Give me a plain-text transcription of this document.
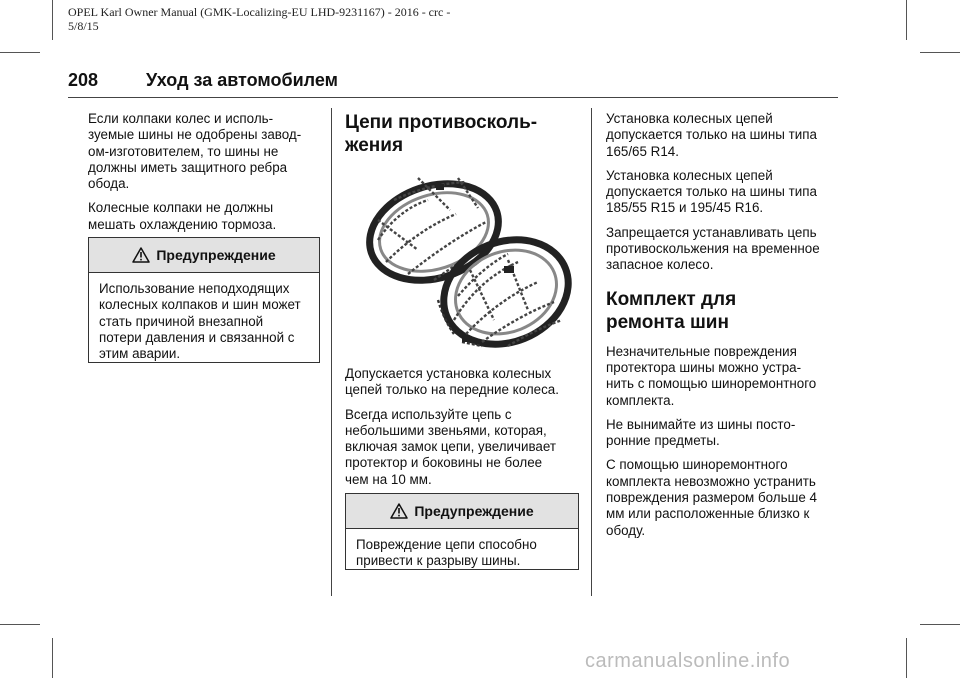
OPEL Karl Owner Manual (GMK-Localizing-EU LHD-9231167) - 2016 - crc -
5/8/15
208	Уход за автомобилем

Если колпаки колес и исполь-
зуемые шины не одобрены завод-
ом-изготовителем, то шины не
должны иметь защитного ребра
обода.

Колесные колпаки не должны
мешать охлаждению тормоза.

Предупреждение
Использование неподходящих
колесных колпаков и шин может
стать причиной внезапной
потери давления и связанной с
этим аварии.
Цепи противосколь-
жения

Допускается установка колесных
цепей только на передние колеса.

Всегда используйте цепь с
небольшими звеньями, которая,
включая замок цепи, увеличивает
протектор и боковины не более
чем на 10 мм.

Предупреждение
Повреждение цепи способно
привести к разрыву шины.

Установка колесных цепей
допускается только на шины типа
165/65 R14.

Установка колесных цепей
допускается только на шины типа
185/55 R15 и 195/45 R16.

Запрещается устанавливать цепь
противоскольжения на временное
запасное колесо.

Комплект для
ремонта шин

Незначительные повреждения
протектора шины можно устра-
нить с помощью шиноремонтного
комплекта.

Не вынимайте из шины посто-
ронние предметы.

С помощью шиноремонтного
комплекта невозможно устранить
повреждения размером больше 4
мм или расположенные близко к
ободу.

carmanualsonline.info
